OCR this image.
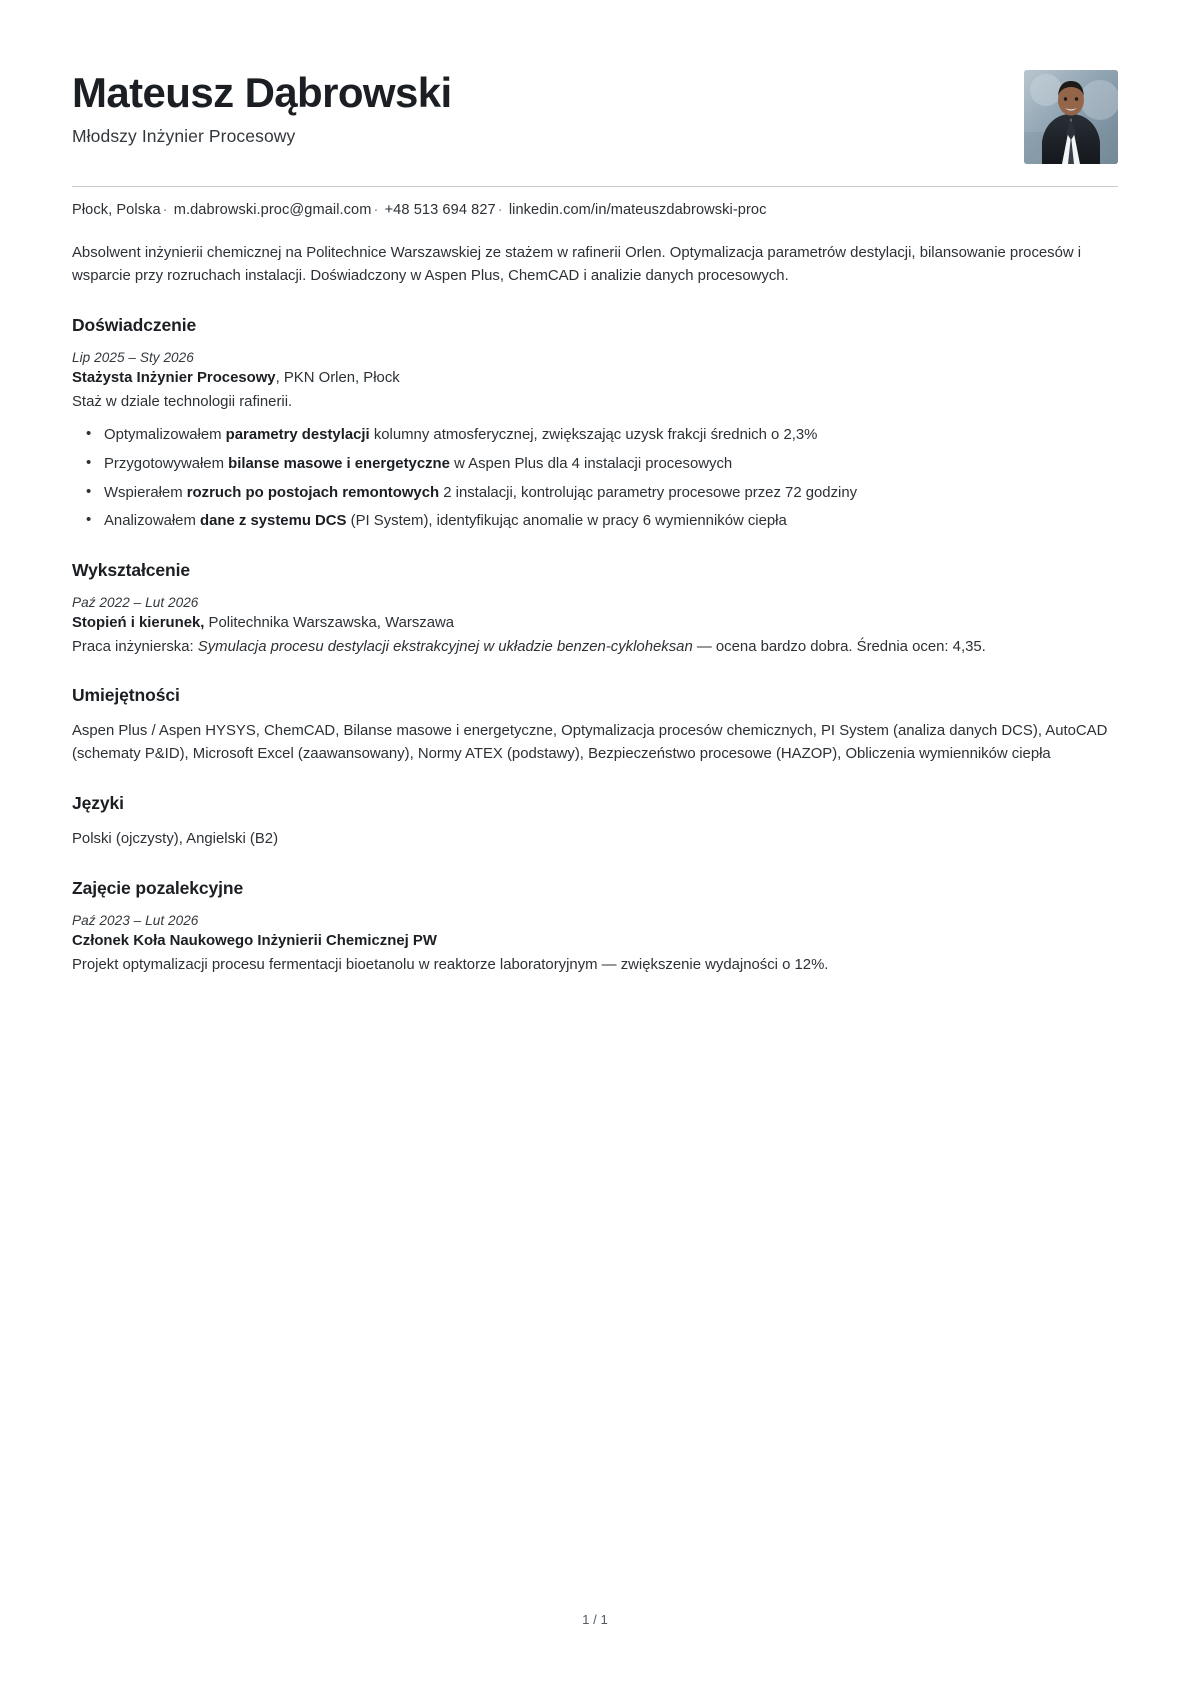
Mateusz Dąbrowski
Młodszy Inżynier Procesowy
Płock, Polska · m.dabrowski.proc@gmail.com · +48 513 694 827 · linkedin.com/in/mateuszdabrowski-proc
Absolwent inżynierii chemicznej na Politechnice Warszawskiej ze stażem w rafinerii Orlen. Optymalizacja parametrów destylacji, bilansowanie procesów i wsparcie przy rozruchach instalacji. Doświadczony w Aspen Plus, ChemCAD i analizie danych procesowych.
Doświadczenie
Lip 2025 – Sty 2026
Stażysta Inżynier Procesowy, PKN Orlen, Płock
Staż w dziale technologii rafinerii.
• Optymalizowałem parametry destylacji kolumny atmosferycznej, zwiększając uzysk frakcji średnich o 2,3%
• Przygotowywałem bilanse masowe i energetyczne w Aspen Plus dla 4 instalacji procesowych
• Wspierałem rozruch po postojach remontowych 2 instalacji, kontrolując parametry procesowe przez 72 godziny
• Analizowałem dane z systemu DCS (PI System), identyfikując anomalie w pracy 6 wymienników ciepła
Wykształcenie
Paź 2022 – Lut 2026
Stopień i kierunek, Politechnika Warszawska, Warszawa
Praca inżynierska: Symulacja procesu destylacji ekstrakcyjnej w układzie benzen-cykloheksan — ocena bardzo dobra. Średnia ocen: 4,35.
Umiejętności
Aspen Plus / Aspen HYSYS, ChemCAD, Bilanse masowe i energetyczne, Optymalizacja procesów chemicznych, PI System (analiza danych DCS), AutoCAD (schematy P&ID), Microsoft Excel (zaawansowany), Normy ATEX (podstawy), Bezpieczeństwo procesowe (HAZOP), Obliczenia wymienników ciepła
Języki
Polski (ojczysty), Angielski (B2)
Zajęcie pozalekcyjne
Paź 2023 – Lut 2026
Członek Koła Naukowego Inżynierii Chemicznej PW
Projekt optymalizacji procesu fermentacji bioetanolu w reaktorze laboratoryjnym — zwiększenie wydajności o 12%.
1 / 1
